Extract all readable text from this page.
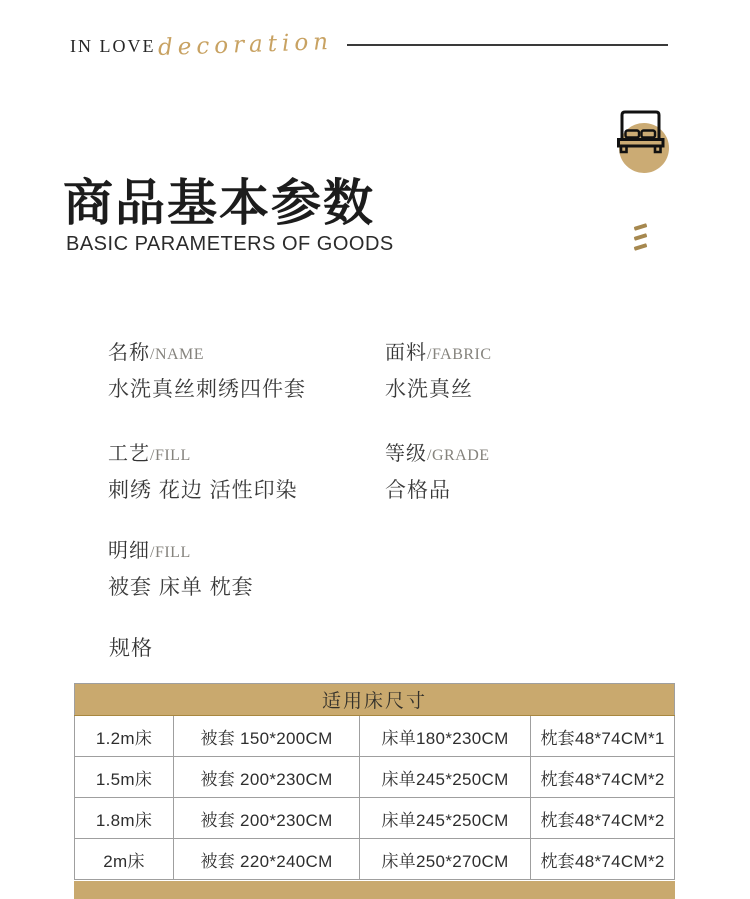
IN LOVE decoration
商品基本参数
BASIC PARAMETERS OF GOODS
名称/NAME
水洗真丝刺绣四件套
面料/FABRIC
水洗真丝
工艺/FILL
刺绣 花边 活性印染
等级/GRADE
合格品
明细/FILL
被套 床单 枕套
规格
适用床尺寸			
1.2m床	被套 150*200CM	床单180*230CM	枕套48*74CM*1
1.5m床	被套 200*230CM	床单245*250CM	枕套48*74CM*2
1.8m床	被套 200*230CM	床单245*250CM	枕套48*74CM*2
2m床	被套 220*240CM	床单250*270CM	枕套48*74CM*2
